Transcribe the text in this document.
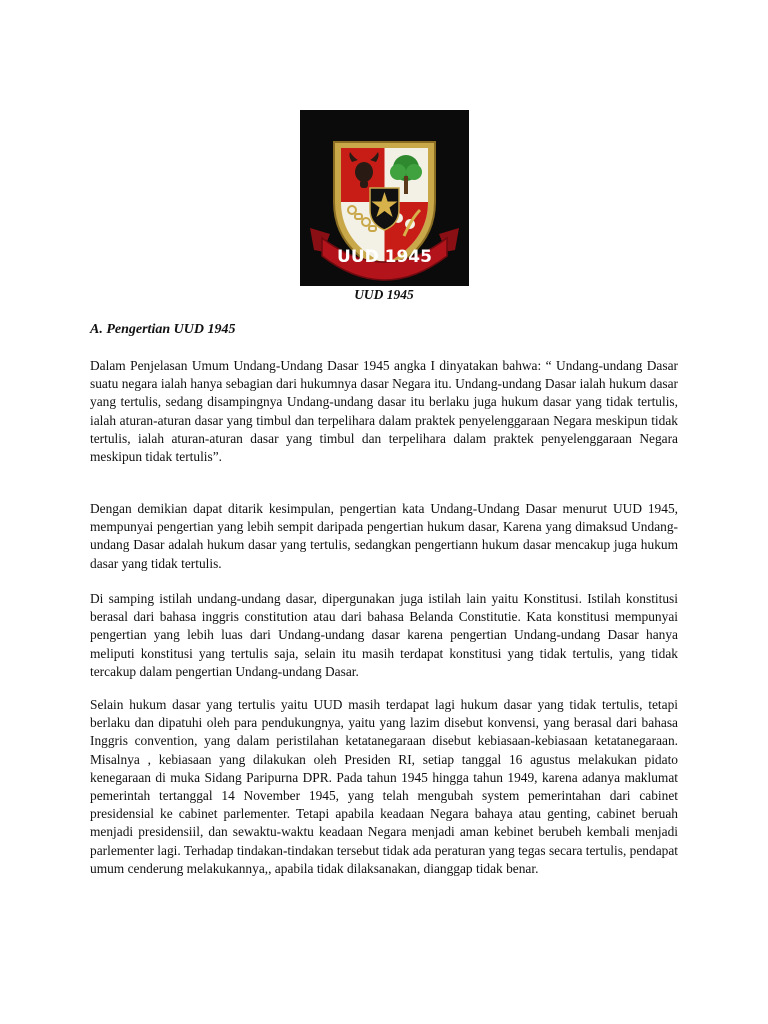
UUD 1945
UUD 1945
A. Pengertian UUD 1945

Dalam Penjelasan Umum Undang-Undang Dasar 1945 angka I dinyatakan bahwa: “ Undang-undang Dasar suatu negara ialah hanya sebagian dari hukumnya dasar Negara itu. Undang-undang Dasar ialah hukum dasar yang tertulis, sedang disampingnya Undang-undang dasar itu berlaku juga hukum dasar yang tidak tertulis, ialah aturan-aturan dasar yang timbul dan terpelihara dalam praktek penyelenggaraan Negara meskipun tidak tertulis, ialah aturan-aturan dasar yang timbul dan terpelihara dalam praktek penyelenggaraan Negara meskipun tidak tertulis”.

Dengan demikian dapat ditarik kesimpulan, pengertian kata Undang-Undang Dasar menurut UUD 1945, mempunyai pengertian yang lebih sempit daripada pengertian hukum dasar, Karena yang dimaksud Undang-undang Dasar adalah hukum dasar yang tertulis, sedangkan pengertiann hukum dasar mencakup juga hukum dasar yang tidak tertulis.

Di samping istilah undang-undang dasar, dipergunakan juga istilah lain yaitu Konstitusi. Istilah konstitusi berasal dari bahasa inggris constitution atau dari bahasa Belanda Constitutie. Kata konstitusi mempunyai pengertian yang lebih luas dari Undang-undang dasar karena pengertian Undang-undang Dasar hanya meliputi konstitusi yang tertulis saja, selain itu masih terdapat konstitusi yang tidak tertulis, yang tidak tercakup dalam pengertian Undang-undang Dasar.

Selain hukum dasar yang tertulis yaitu UUD masih terdapat lagi hukum dasar yang tidak tertulis, tetapi berlaku dan dipatuhi oleh para pendukungnya, yaitu yang lazim disebut konvensi, yang berasal dari bahasa Inggris convention, yang dalam peristilahan ketatanegaraan disebut kebiasaan-kebiasaan ketatanegaraan. Misalnya , kebiasaan yang dilakukan oleh Presiden RI, setiap tanggal 16 agustus melakukan pidato kenegaraan di muka Sidang Paripurna DPR. Pada tahun 1945 hingga tahun 1949, karena adanya maklumat pemerintah tertanggal 14 November 1945, yang telah mengubah system pemerintahan dari cabinet presidensial ke cabinet parlementer. Tetapi apabila keadaan Negara bahaya atau genting, cabinet beruah menjadi presidensiil, dan sewaktu-waktu keadaan Negara menjadi aman kebinet berubeh kembali menjadi parlementer lagi. Terhadap tindakan-tindakan tersebut tidak ada peraturan yang tegas secara tertulis, pendapat umum cenderung melakukannya,, apabila tidak dilaksanakan, dianggap tidak benar.
